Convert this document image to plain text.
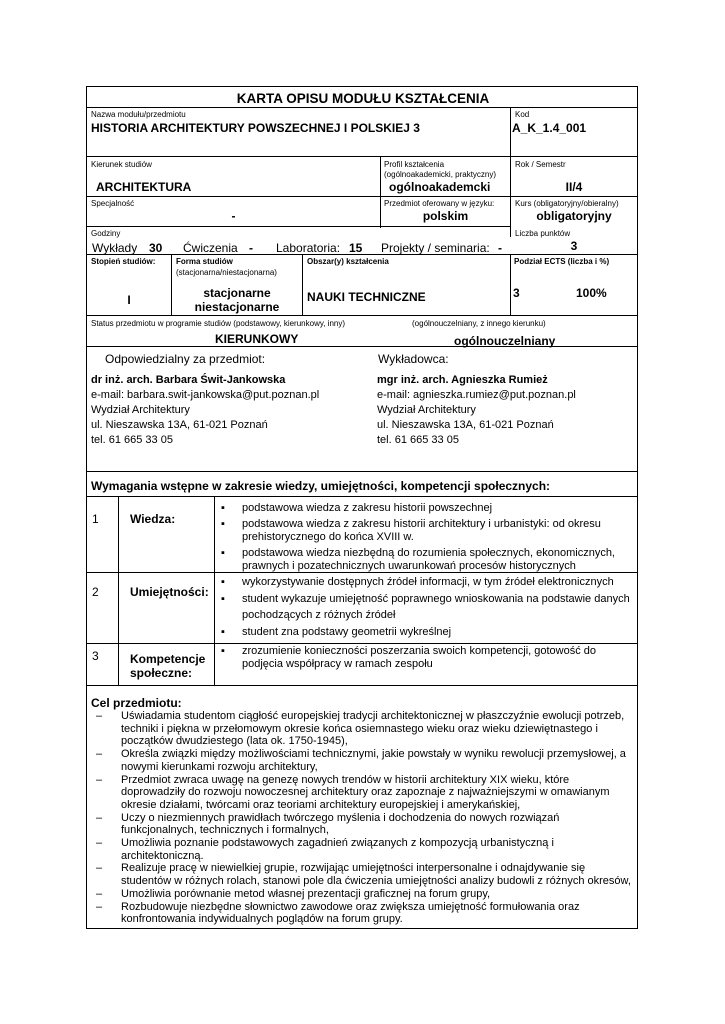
KARTA OPISU MODUŁU KSZTAŁCENIA
Nazwa modułu/przedmiotu
HISTORIA ARCHITEKTURY POWSZECHNEJ I POLSKIEJ 3
Kod
A_K_1.4_001
Kierunek studiów
ARCHITEKTURA
Profil kształcenia
(ogólnoakademicki, praktyczny)
ogólnoakademcki
Rok / Semestr
II/4
Specjalność
-
Przedmiot oferowany w języku:
polskim
Kurs (obligatoryjny/obieralny)
obligatoryjny
Godziny
Wykłady 30 Ćwiczenia - Laboratoria: 15 Projekty / seminaria: -
Liczba punktów
3
Stopień studiów:
I
Forma studiów
(stacjonarna/niestacjonarna)
stacjonarne
niestacjonarne
Obszar(y) kształcenia
NAUKI TECHNICZNE
Podział ECTS (liczba i %)
3	100%
Status przedmiotu w programie studiów (podstawowy, kierunkowy, inny)
KIERUNKOWY
(ogólnouczelniany, z innego kierunku)
ogólnouczelniany
Odpowiedzialny za przedmiot:
dr inż. arch. Barbara Świt-Jankowska
e-mail: barbara.swit-jankowska@put.poznan.pl
Wydział Architektury
ul. Nieszawska 13A, 61-021 Poznań
tel. 61 665 33 05
Wykładowca:
mgr inż. arch. Agnieszka Rumież
e-mail: agnieszka.rumiez@put.poznan.pl
Wydział Architektury
ul. Nieszawska 13A, 61-021 Poznań
tel. 61 665 33 05
Wymagania wstępne w zakresie wiedzy, umiejętności, kompetencji społecznych:
1	Wiedza:
▪ podstawowa wiedza z zakresu historii powszechnej
▪ podstawowa wiedza z zakresu historii architektury i urbanistyki: od okresu prehistorycznego do końca XVIII w.
▪ podstawowa wiedza niezbędną do rozumienia społecznych, ekonomicznych, prawnych i pozatechnicznych uwarunkowań procesów historycznych
2	Umiejętności:
▪ wykorzystywanie dostępnych źródeł informacji, w tym źródeł elektronicznych
▪ student wykazuje umiejętność poprawnego wnioskowania na podstawie danych pochodzących z różnych źródeł
▪ student zna podstawy geometrii wykreślnej
3	Kompetencje społeczne:
▪ zrozumienie konieczności poszerzania swoich kompetencji, gotowość do podjęcia współpracy w ramach zespołu
Cel przedmiotu:
– Uświadamia studentom ciągłość europejskiej tradycji architektonicznej w płaszczyźnie ewolucji potrzeb, techniki i piękna w przełomowym okresie końca osiemnastego wieku oraz wieku dziewiętnastego i początków dwudziestego (lata ok. 1750-1945),
– Określa związki między możliwościami technicznymi, jakie powstały w wyniku rewolucji przemysłowej, a nowymi kierunkami rozwoju architektury,
– Przedmiot zwraca uwagę na genezę nowych trendów w historii architektury XIX wieku, które doprowadziły do rozwoju nowoczesnej architektury oraz zapoznaje z najważniejszymi w omawianym okresie działami, twórcami oraz teoriami architektury europejskiej i amerykańskiej,
– Uczy o niezmiennych prawidłach twórczego myślenia i dochodzenia do nowych rozwiązań funkcjonalnych, technicznych i formalnych,
– Umożliwia poznanie podstawowych zagadnień związanych z kompozycją urbanistyczną i architektoniczną.
– Realizuje pracę w niewielkiej grupie, rozwijając umiejętności interpersonalne i odnajdywanie się studentów w różnych rolach, stanowi pole dla ćwiczenia umiejętności analizy budowli z różnych okresów,
– Umożliwia porównanie metod własnej prezentacji graficznej na forum grupy,
– Rozbudowuje niezbędne słownictwo zawodowe oraz zwiększa umiejętność formułowania oraz konfrontowania indywidualnych poglądów na forum grupy.
